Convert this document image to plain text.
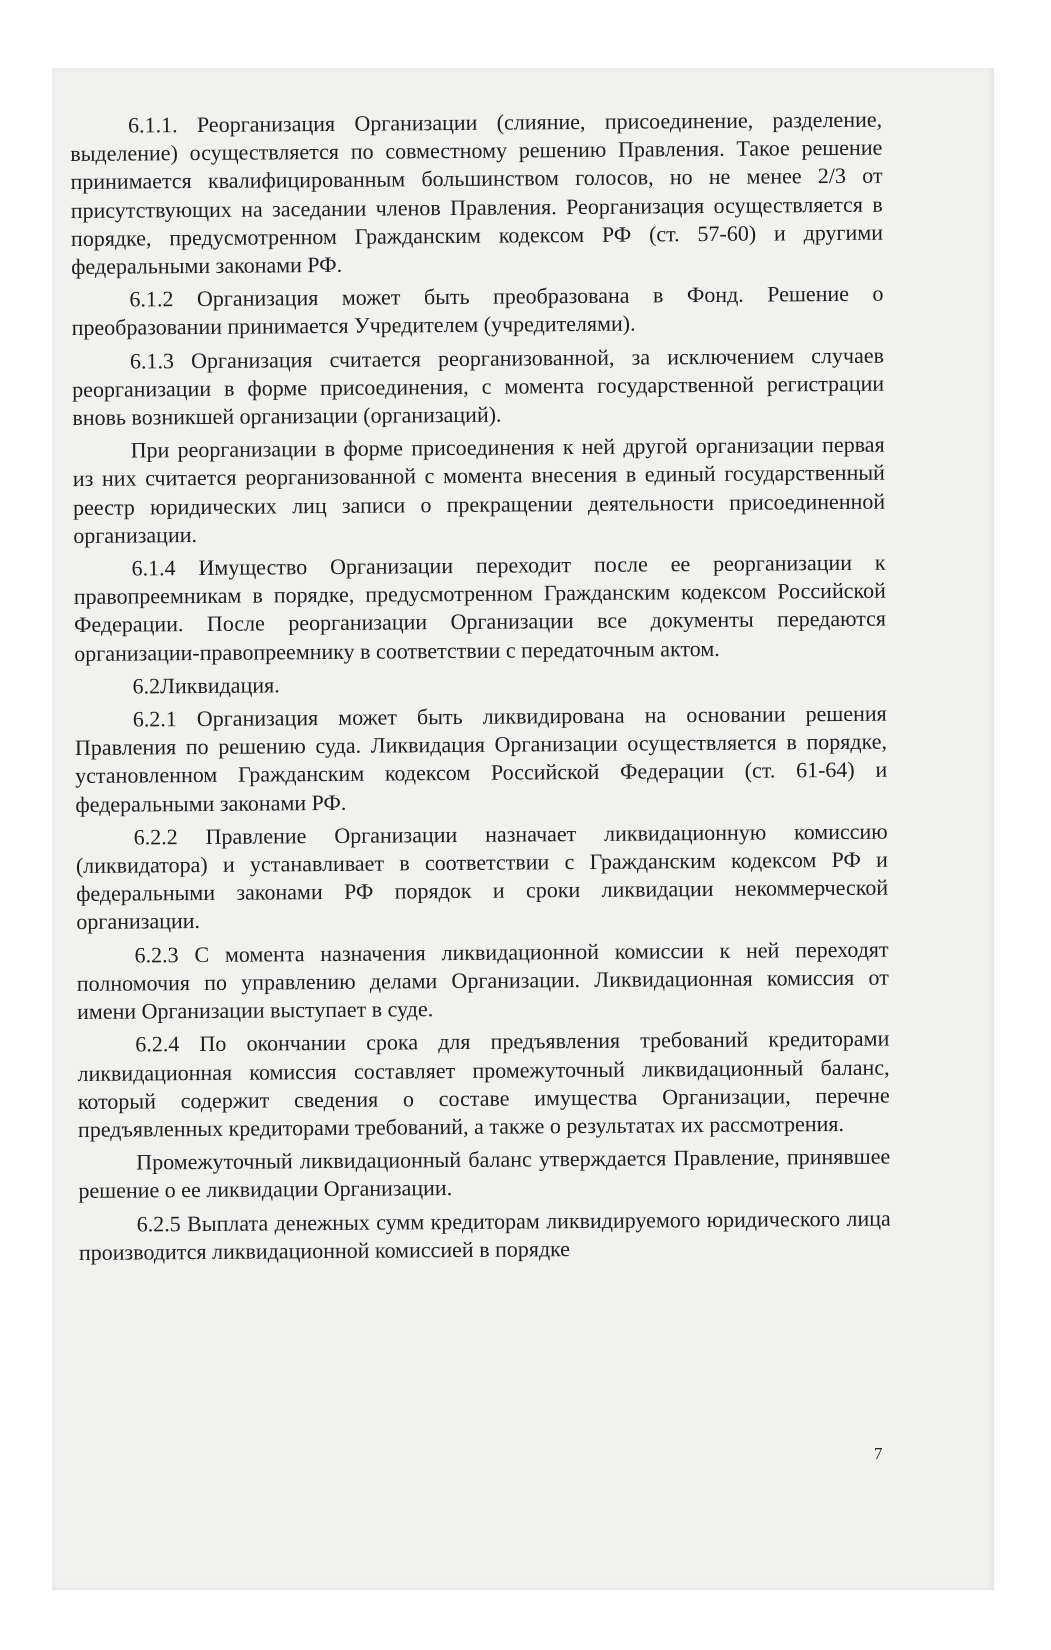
6.1.1. Реорганизация Организации (слияние, присоединение, разделение, выделение) осуществляется по совместному решению Правления. Такое решение принимается квалифицированным большинством голосов, но не менее 2/3 от присутствующих на заседании членов Правления. Реорганизация осуществляется в порядке, предусмотренном Гражданским кодексом РФ (ст. 57-60) и другими федеральными законами РФ.

6.1.2 Организация может быть преобразована в Фонд. Решение о преобразовании принимается Учредителем (учредителями).

6.1.3 Организация считается реорганизованной, за исключением случаев реорганизации в форме присоединения, с момента государственной регистрации вновь возникшей организации (организаций).

При реорганизации в форме присоединения к ней другой организации первая из них считается реорганизованной с момента внесения в единый государственный реестр юридических лиц записи о прекращении деятельности присоединенной организации.

6.1.4 Имущество Организации переходит после ее реорганизации к правопреемникам в порядке, предусмотренном Гражданским кодексом Российской Федерации. После реорганизации Организации все документы передаются организации-правопреемнику в соответствии с передаточным актом.

6.2Ликвидация.

6.2.1 Организация может быть ликвидирована на основании решения Правления по решению суда. Ликвидация Организации осуществляется в порядке, установленном Гражданским кодексом Российской Федерации (ст. 61-64) и федеральными законами РФ.

6.2.2 Правление Организации назначает ликвидационную комиссию (ликвидатора) и устанавливает в соответствии с Гражданским кодексом РФ и федеральными законами РФ порядок и сроки ликвидации некоммерческой организации.

6.2.3 С момента назначения ликвидационной комиссии к ней переходят полномочия по управлению делами Организации. Ликвидационная комиссия от имени Организации выступает в суде.

6.2.4 По окончании срока для предъявления требований кредиторами ликвидационная комиссия составляет промежуточный ликвидационный баланс, который содержит сведения о составе имущества Организации, перечне предъявленных кредиторами требований, а также о результатах их рассмотрения.

Промежуточный ликвидационный баланс утверждается Правление, принявшее решение о ее ликвидации Организации.

6.2.5 Выплата денежных сумм кредиторам ликвидируемого юридического лица производится ликвидационной комиссией в порядке

7
